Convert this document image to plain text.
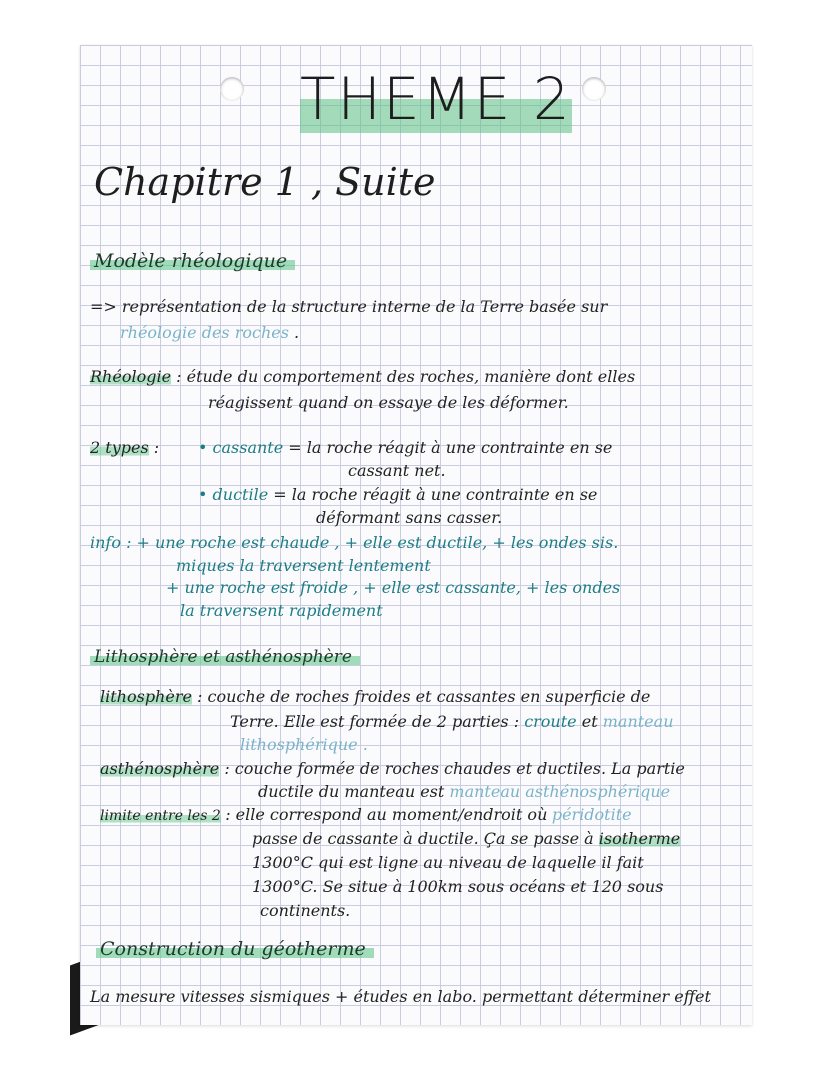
THEME 2
Chapitre 1 , Suite
Modèle rhéologique
=> représentation de la structure interne de la Terre basée sur
rhéologie des roches .
Rhéologie : étude du comportement des roches, manière dont elles
réagissent quand on essaye de les déformer.
2 types : • cassante = la roche réagit à une contrainte en se
cassant net.
• ductile = la roche réagit à une contrainte en se
déformant sans casser.
info : + une roche est chaude , + elle est ductile, + les ondes sis.
miques la traversent lentement
+ une roche est froide , + elle est cassante, + les ondes
la traversent rapidement
Lithosphère et asthénosphère
lithosphère : couche de roches froides et cassantes en superficie de
Terre. Elle est formée de 2 parties : croute et manteau
lithosphérique .
asthénosphère : couche formée de roches chaudes et ductiles. La partie
ductile du manteau est manteau asthénosphérique
limite entre les 2 : elle correspond au moment/endroit où péridotite
passe de cassante à ductile. Ça se passe à isotherme
1300°C qui est ligne au niveau de laquelle il fait
1300°C. Se situe à 100km sous océans et 120 sous
continents.
Construction du géotherme
La mesure vitesses sismiques + études en labo. permettant déterminer effet
